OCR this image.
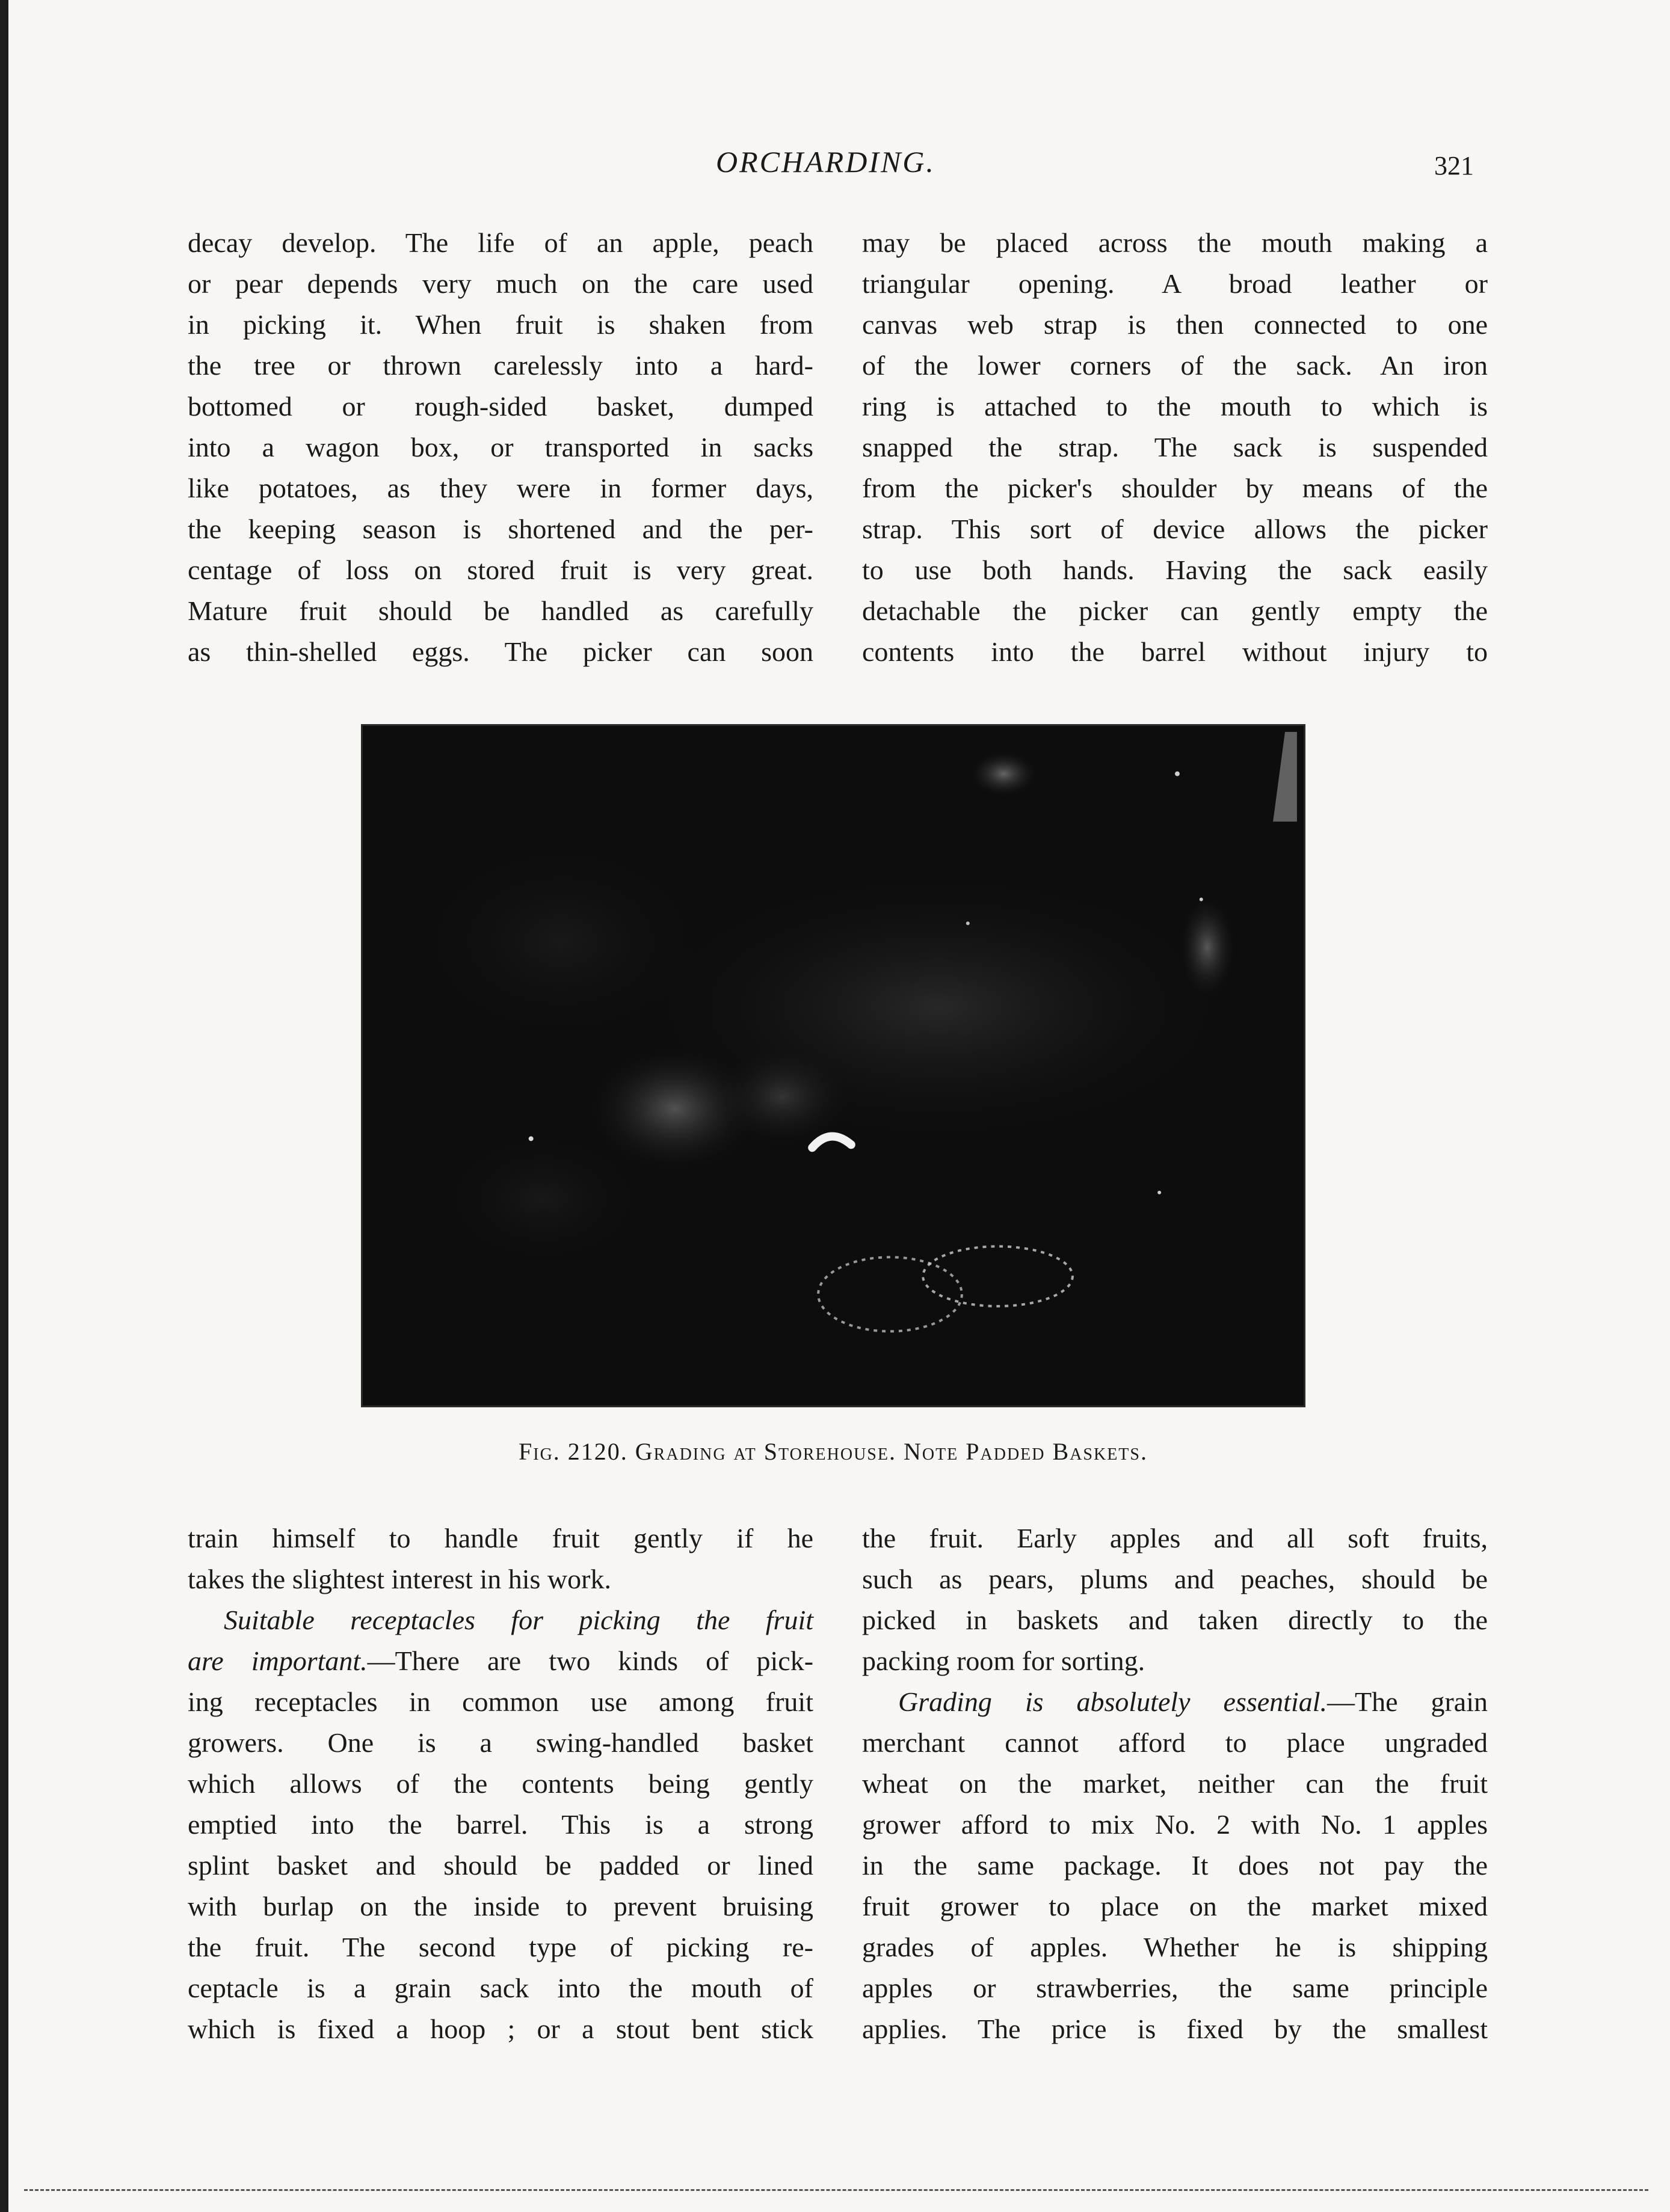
ORCHARDING.	321
decay develop. The life of an apple, peach
or pear depends very much on the care used
in picking it. When fruit is shaken from
the tree or thrown carelessly into a hard-
bottomed or rough-sided basket, dumped
into a wagon box, or transported in sacks
like potatoes, as they were in former days,
the keeping season is shortened and the per-
centage of loss on stored fruit is very great.
Mature fruit should be handled as carefully
as thin-shelled eggs. The picker can soon
may be placed across the mouth making a
triangular opening. A broad leather or
canvas web strap is then connected to one
of the lower corners of the sack. An iron
ring is attached to the mouth to which is
snapped the strap. The sack is suspended
from the picker's shoulder by means of the
strap. This sort of device allows the picker
to use both hands. Having the sack easily
detachable the picker can gently empty the
contents into the barrel without injury to
Fig. 2120. Grading at Storehouse. Note Padded Baskets.
train himself to handle fruit gently if he
takes the slightest interest in his work.
Suitable receptacles for picking the fruit
are important.—There are two kinds of pick-
ing receptacles in common use among fruit
growers. One is a swing-handled basket
which allows of the contents being gently
emptied into the barrel. This is a strong
splint basket and should be padded or lined
with burlap on the inside to prevent bruising
the fruit. The second type of picking re-
ceptacle is a grain sack into the mouth of
which is fixed a hoop ; or a stout bent stick
the fruit. Early apples and all soft fruits,
such as pears, plums and peaches, should be
picked in baskets and taken directly to the
packing room for sorting.
Grading is absolutely essential.—The grain
merchant cannot afford to place ungraded
wheat on the market, neither can the fruit
grower afford to mix No. 2 with No. 1 apples
in the same package. It does not pay the
fruit grower to place on the market mixed
grades of apples. Whether he is shipping
apples or strawberries, the same principle
applies. The price is fixed by the smallest
